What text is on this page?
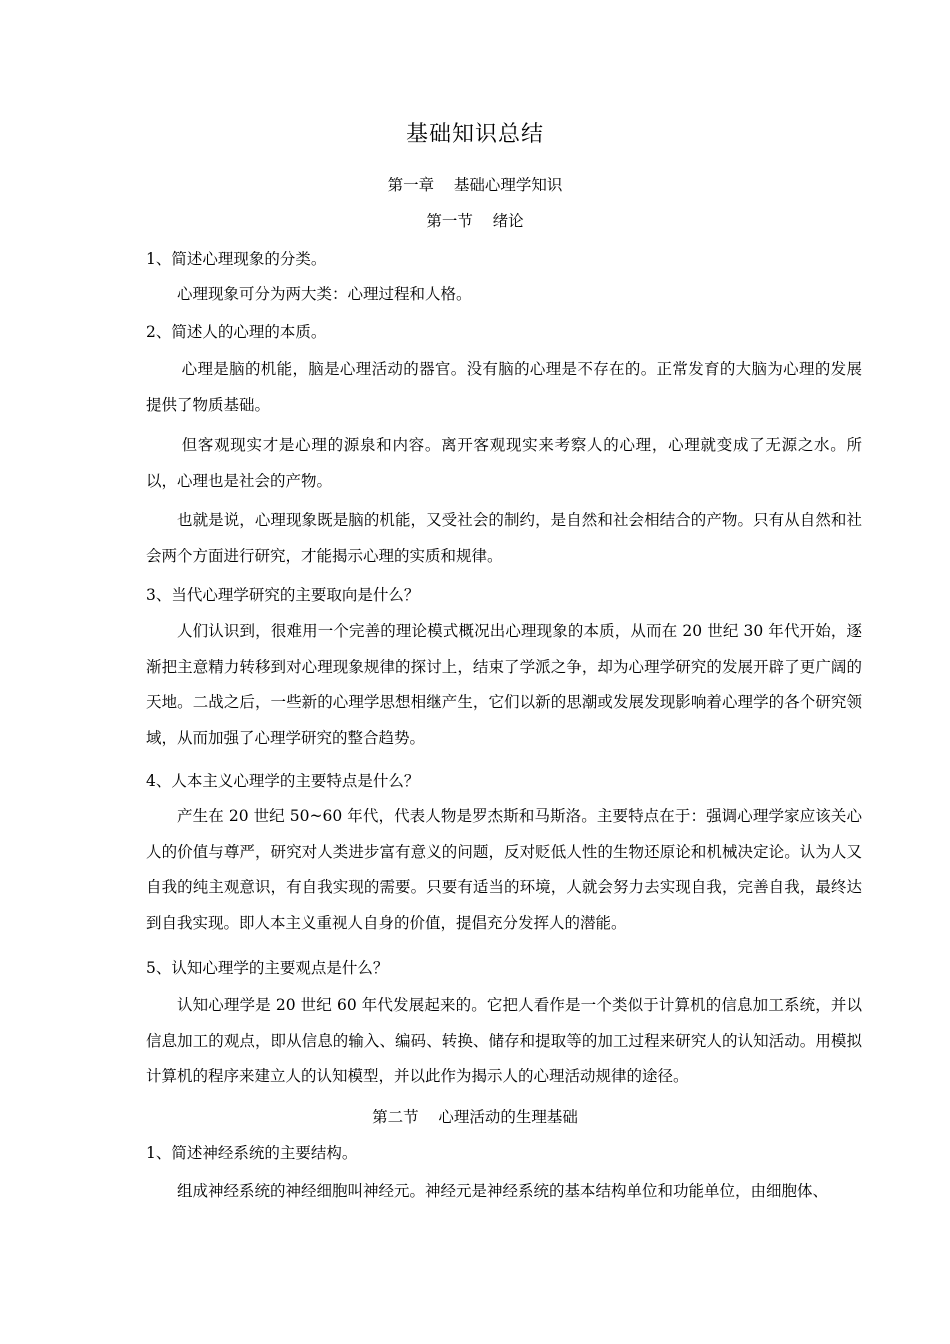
基础知识总结
第一章    基础心理学知识
第一节    绪论
1、简述心理现象的分类。
心理现象可分为两大类：心理过程和人格。
2、简述人的心理的本质。
心理是脑的机能，脑是心理活动的器官。没有脑的心理是不存在的。正常发育的大脑为心理的发展提供了物质基础。
但客观现实才是心理的源泉和内容。离开客观现实来考察人的心理，心理就变成了无源之水。所以，心理也是社会的产物。
也就是说，心理现象既是脑的机能，又受社会的制约，是自然和社会相结合的产物。只有从自然和社会两个方面进行研究，才能揭示心理的实质和规律。
3、当代心理学研究的主要取向是什么？
人们认识到，很难用一个完善的理论模式概况出心理现象的本质，从而在 20 世纪 30 年代开始，逐渐把主意精力转移到对心理现象规律的探讨上，结束了学派之争，却为心理学研究的发展开辟了更广阔的天地。二战之后，一些新的心理学思想相继产生，它们以新的思潮或发展发现影响着心理学的各个研究领域，从而加强了心理学研究的整合趋势。
4、人本主义心理学的主要特点是什么？
产生在 20 世纪 50~60 年代，代表人物是罗杰斯和马斯洛。主要特点在于：强调心理学家应该关心人的价值与尊严，研究对人类进步富有意义的问题，反对贬低人性的生物还原论和机械决定论。认为人又自我的纯主观意识，有自我实现的需要。只要有适当的环境，人就会努力去实现自我，完善自我，最终达到自我实现。即人本主义重视人自身的价值，提倡充分发挥人的潜能。
5、认知心理学的主要观点是什么？
认知心理学是 20 世纪 60 年代发展起来的。它把人看作是一个类似于计算机的信息加工系统，并以信息加工的观点，即从信息的输入、编码、转换、储存和提取等的加工过程来研究人的认知活动。用模拟计算机的程序来建立人的认知模型，并以此作为揭示人的心理活动规律的途径。
第二节    心理活动的生理基础
1、简述神经系统的主要结构。
组成神经系统的神经细胞叫神经元。神经元是神经系统的基本结构单位和功能单位，由细胞体、
